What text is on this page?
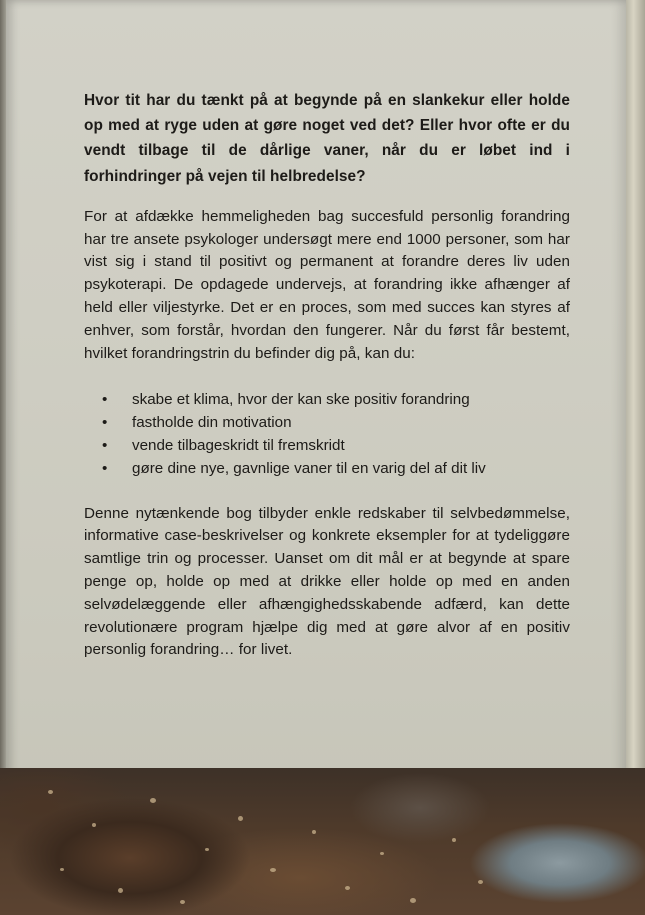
Hvor tit har du tænkt på at begynde på en slankekur eller holde op med at ryge uden at gøre noget ved det? Eller hvor ofte er du vendt tilbage til de dårlige vaner, når du er løbet ind i forhindringer på vejen til helbredelse?

For at afdække hemmeligheden bag succesfuld personlig forandring har tre ansete psykologer undersøgt mere end 1000 personer, som har vist sig i stand til positivt og permanent at forandre deres liv uden psykoterapi. De opdagede undervejs, at forandring ikke afhænger af held eller viljestyrke. Det er en proces, som med succes kan styres af enhver, som forstår, hvordan den fungerer. Når du først får bestemt, hvilket forandringstrin du befinder dig på, kan du:

• skabe et klima, hvor der kan ske positiv forandring
• fastholde din motivation
• vende tilbageskridt til fremskridt
• gøre dine nye, gavnlige vaner til en varig del af dit liv

Denne nytænkende bog tilbyder enkle redskaber til selvbedømmelse, informative case-beskrivelser og konkrete eksempler for at tydeliggøre samtlige trin og processer. Uanset om dit mål er at begynde at spare penge op, holde op med at drikke eller holde op med en anden selvødelæggende eller afhængighedsskabende adfærd, kan dette revolutionære program hjælpe dig med at gøre alvor af en positiv personlig forandring… for livet.
